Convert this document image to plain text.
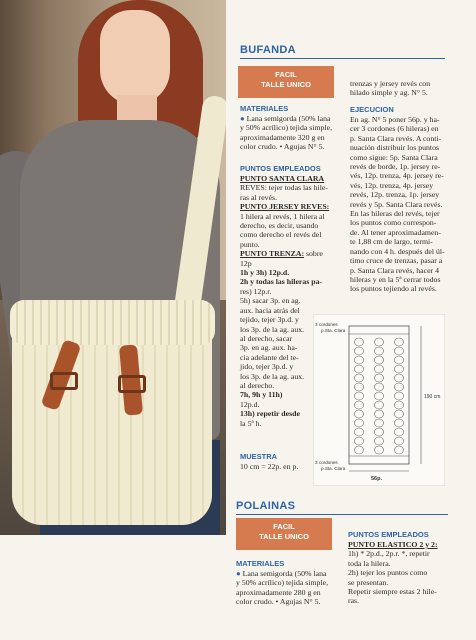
BUFANDA
FACIL
TALLE UNICO
MATERIALES
● Lana semigorda (50% lana
y 50% acrílico) tejida simple,
aproximadamente 320 g en
color crudo. • Agujas N° 5.
PUNTOS EMPLEADOS
PUNTO SANTA CLARA
REVES: tejer todas las hile-
ras al revés.
PUNTO JERSEY REVES:
1 hilera al revés, 1 hilera al
derecho, es decir, usando
como derecho el revés del
punto.
PUNTO TRENZA: sobre
12p
1h y 3h) 12p.d.
2h y todas las hileras pa-
res) 12p.r.
5h) sacar 3p. en ag.
aux. hacia atrás del
tejido, tejer 3p.d. y
los 3p. de la ag. aux.
al derecho, sacar
3p. en ag. aux. ha-
cia adelante del te-
jido, tejer 3p.d. y
los 3p. de la ag. aux.
al derecho.
7h, 9h y 11h)
12p.d.
13h) repetir desde
la 5ª h.
MUESTRA
10 cm = 22p. en p.
trenzas y jersey revés con
hilado simple y ag. N° 5.
EJECUCION
En ag. N° 5 poner 56p. y ha-
cer 3 cordones (6 hileras) en
p. Santa Clara revés. A conti-
nuación distribuir los puntos
como sigue: 5p. Santa Clara
revés de borde, 1p. jersey re-
vés, 12p. trenza, 4p. jersey re-
vés, 12p. trenza, 4p. jersey
revés, 12p. trenza, 1p. jersey
revés y 5p. Santa Clara revés.
En las hileras del revés, tejer
los puntos como correspon-
de. Al tener aproximadamen-
te 1,88 cm de largo, termi-
nando con 4 h. después del úl-
timo cruce de trenzas, pasar a
p. Santa Clara revés, hacer 4
hileras y en la 5ª cerrar todos
los puntos tejiendo al revés.
3 cordones
p.Sta. Clara
3 cordones
p.Sta. Clara
190 cm
56p.
POLAINAS
FACIL
TALLE UNICO
MATERIALES
● Lana semigorda (50% lana
y 50% acrílico) tejida simple,
aproximadamente 280 g en
color crudo. • Agujas N° 5.
PUNTOS EMPLEADOS
PUNTO ELASTICO 2 y 2:
1h) * 2p.d., 2p.r. *, repetir
toda la hilera.
2h) tejer los puntos como
se presentan.
Repetir siempre estas 2 hile-
ras.
